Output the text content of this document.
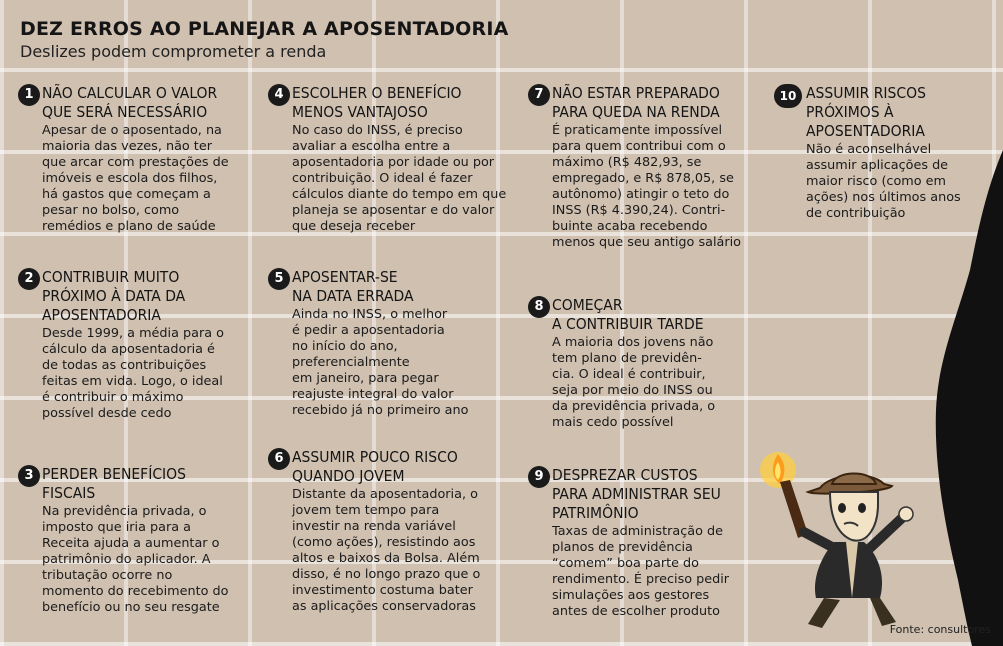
DEZ ERROS AO PLANEJAR A APOSENTADORIA
Deslizes podem comprometer a renda
1 NÃO CALCULAR O VALOR
QUE SERÁ NECESSÁRIO
Apesar de o aposentado, na
maioria das vezes, não ter
que arcar com prestações de
imóveis e escola dos filhos,
há gastos que começam a
pesar no bolso, como
remédios e plano de saúde
2 CONTRIBUIR MUITO
PRÓXIMO À DATA DA
APOSENTADORIA
Desde 1999, a média para o
cálculo da aposentadoria é
de todas as contribuições
feitas em vida. Logo, o ideal
é contribuir o máximo
possível desde cedo
3 PERDER BENEFÍCIOS
FISCAIS
Na previdência privada, o
imposto que iria para a
Receita ajuda a aumentar o
patrimônio do aplicador. A
tributação ocorre no
momento do recebimento do
benefício ou no seu resgate
4 ESCOLHER O BENEFÍCIO
MENOS VANTAJOSO
No caso do INSS, é preciso
avaliar a escolha entre a
aposentadoria por idade ou por
contribuição. O ideal é fazer
cálculos diante do tempo em que
planeja se aposentar e do valor
que deseja receber
5 APOSENTAR-SE
NA DATA ERRADA
Ainda no INSS, o melhor
é pedir a aposentadoria
no início do ano,
preferencialmente
em janeiro, para pegar
reajuste integral do valor
recebido já no primeiro ano
6 ASSUMIR POUCO RISCO
QUANDO JOVEM
Distante da aposentadoria, o
jovem tem tempo para
investir na renda variável
(como ações), resistindo aos
altos e baixos da Bolsa. Além
disso, é no longo prazo que o
investimento costuma bater
as aplicações conservadoras
7 NÃO ESTAR PREPARADO
PARA QUEDA NA RENDA
É praticamente impossível
para quem contribui com o
máximo (R$ 482,93, se
empregado, e R$ 878,05, se
autônomo) atingir o teto do
INSS (R$ 4.390,24). Contri-
buinte acaba recebendo
menos que seu antigo salário
8 COMEÇAR
A CONTRIBUIR TARDE
A maioria dos jovens não
tem plano de previdên-
cia. O ideal é contribuir,
seja por meio do INSS ou
da previdência privada, o
mais cedo possível
9 DESPREZAR CUSTOS
PARA ADMINISTRAR SEU
PATRIMÔNIO
Taxas de administração de
planos de previdência
“comem” boa parte do
rendimento. É preciso pedir
simulações aos gestores
antes de escolher produto
10 ASSUMIR RISCOS
PRÓXIMOS À
APOSENTADORIA
Não é aconselhável
assumir aplicações de
maior risco (como em
ações) nos últimos anos
de contribuição
Fonte: consultores
